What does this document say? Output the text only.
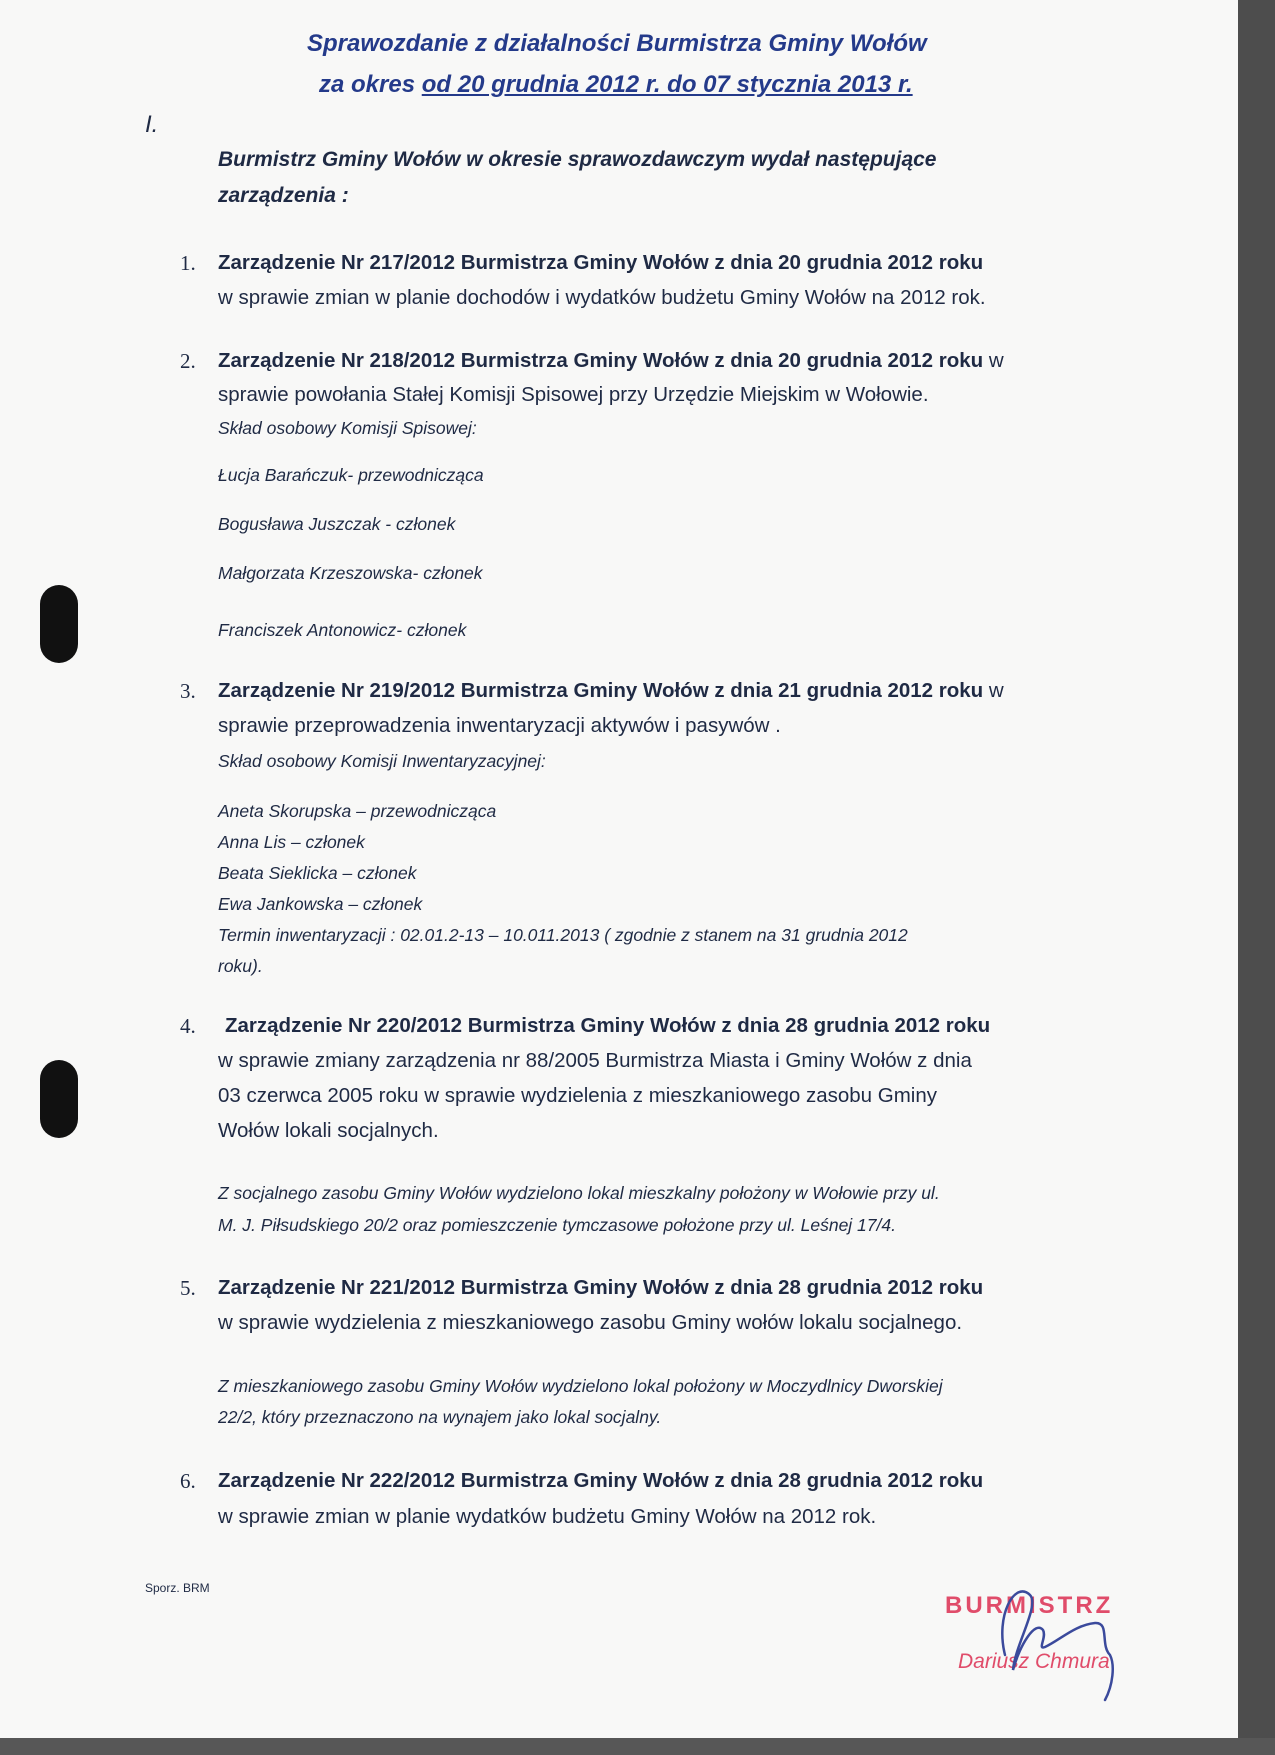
Sprawozdanie z działalności Burmistrza Gminy Wołów
za okres od 20 grudnia 2012 r. do 07 stycznia 2013 r.
I.
Burmistrz Gminy Wołów w okresie sprawozdawczym wydał następujące
zarządzenia :
1. Zarządzenie Nr 217/2012 Burmistrza Gminy Wołów z dnia 20 grudnia 2012 roku
w sprawie zmian w planie dochodów i wydatków budżetu Gminy Wołów na 2012 rok.
2. Zarządzenie Nr 218/2012 Burmistrza Gminy Wołów z dnia 20 grudnia 2012 roku w
sprawie powołania Stałej Komisji Spisowej przy Urzędzie Miejskim w Wołowie.
Skład osobowy Komisji Spisowej:
Łucja Barańczuk- przewodnicząca
Bogusława Juszczak - członek
Małgorzata Krzeszowska- członek
Franciszek Antonowicz- członek
3. Zarządzenie Nr 219/2012 Burmistrza Gminy Wołów z dnia 21 grudnia 2012 roku w
sprawie przeprowadzenia inwentaryzacji aktywów i pasywów .
Skład osobowy Komisji Inwentaryzacyjnej:
Aneta Skorupska – przewodnicząca
Anna Lis – członek
Beata Sieklicka – członek
Ewa Jankowska – członek
Termin inwentaryzacji : 02.01.2-13 – 10.011.2013 ( zgodnie z stanem na 31 grudnia 2012
roku).
4. Zarządzenie Nr 220/2012 Burmistrza Gminy Wołów z dnia 28 grudnia 2012 roku
w sprawie zmiany zarządzenia nr 88/2005 Burmistrza Miasta i Gminy Wołów z dnia
03 czerwca 2005 roku w sprawie wydzielenia z mieszkaniowego zasobu Gminy
Wołów lokali socjalnych.
Z socjalnego zasobu Gminy Wołów wydzielono lokal mieszkalny położony w Wołowie przy ul.
M. J. Piłsudskiego 20/2 oraz pomieszczenie tymczasowe położone przy ul. Leśnej 17/4.
5. Zarządzenie Nr 221/2012 Burmistrza Gminy Wołów z dnia 28 grudnia 2012 roku
w sprawie wydzielenia z mieszkaniowego zasobu Gminy wołów lokalu socjalnego.
Z mieszkaniowego zasobu Gminy Wołów wydzielono lokal położony w Moczydlnicy Dworskiej
22/2, który przeznaczono na wynajem jako lokal socjalny.
6. Zarządzenie Nr 222/2012 Burmistrza Gminy Wołów z dnia 28 grudnia 2012 roku
w sprawie zmian w planie wydatków budżetu Gminy Wołów na 2012 rok.
Sporz. BRM
BURMISTRZ
Dariusz Chmura
